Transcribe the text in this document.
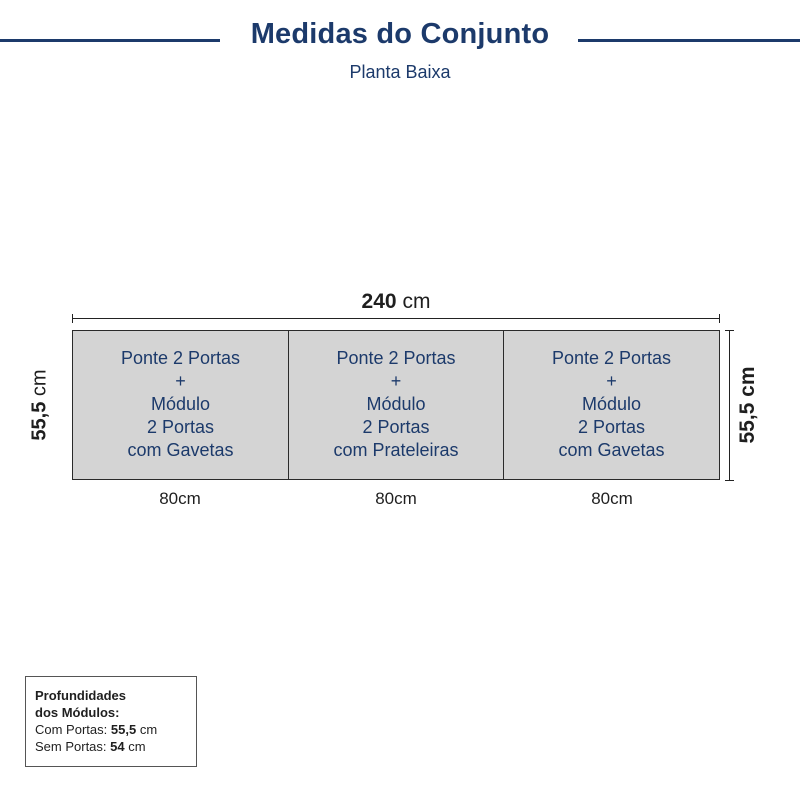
Medidas do Conjunto
Planta Baixa
240 cm
55,5 cm
Ponte 2 Portas
+
Módulo
2 Portas
com Gavetas
Ponte 2 Portas
+
Módulo
2 Portas
com Prateleiras
Ponte 2 Portas
+
Módulo
2 Portas
com Gavetas
55,5 cm
80cm	80cm	80cm
Profundidades
dos Módulos:
Com Portas: 55,5 cm
Sem Portas: 54 cm
